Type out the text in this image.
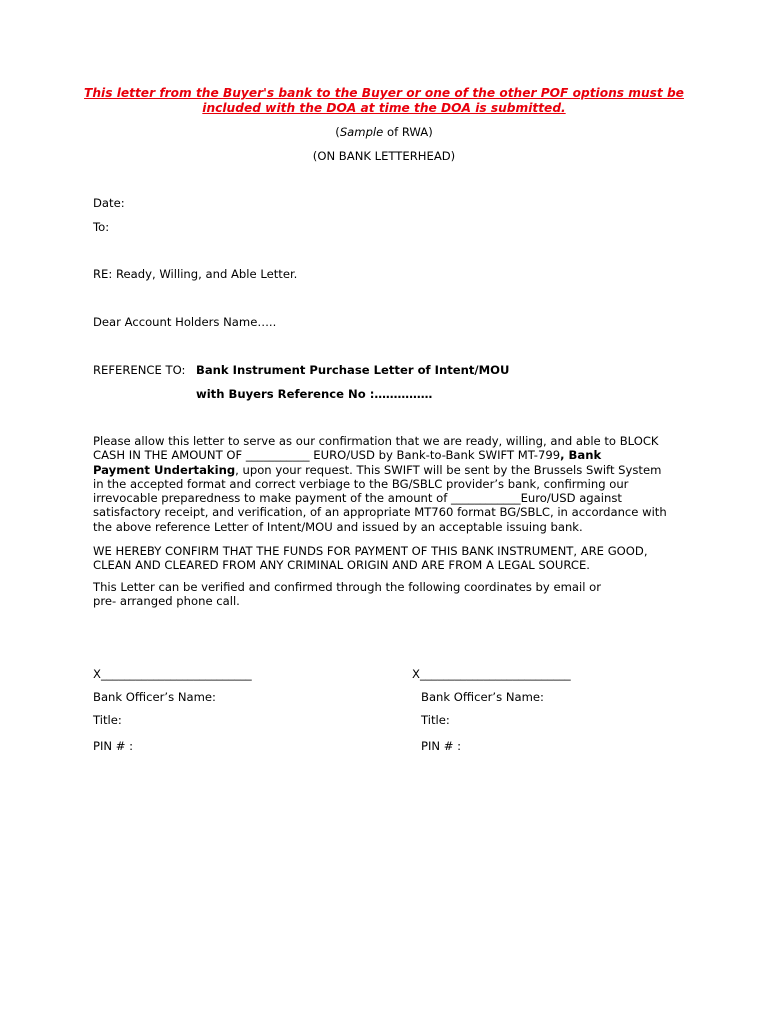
This letter from the Buyer's bank to the Buyer or one of the other POF options must be
included with the DOA at time the DOA is submitted.
(Sample of RWA)
(ON BANK LETTERHEAD)
Date:
To:
RE: Ready, Willing, and Able Letter.
Dear Account Holders Name…..
REFERENCE TO: Bank Instrument Purchase Letter of Intent/MOU
with Buyers Reference No :……………
Please allow this letter to serve as our confirmation that we are ready, willing, and able to BLOCK
CASH IN THE AMOUNT OF ___________ EURO/USD by Bank-to-Bank SWIFT MT-799, Bank
Payment Undertaking, upon your request. This SWIFT will be sent by the Brussels Swift System
in the accepted format and correct verbiage to the BG/SBLC provider’s bank, confirming our
irrevocable preparedness to make payment of the amount of ____________Euro/USD against
satisfactory receipt, and verification, of an appropriate MT760 format BG/SBLC, in accordance with
the above reference Letter of Intent/MOU and issued by an acceptable issuing bank.
WE HEREBY CONFIRM THAT THE FUNDS FOR PAYMENT OF THIS BANK INSTRUMENT, ARE GOOD,
CLEAN AND CLEARED FROM ANY CRIMINAL ORIGIN AND ARE FROM A LEGAL SOURCE.
This Letter can be verified and confirmed through the following coordinates by email or
pre- arranged phone call.
X__________________________
Bank Officer’s Name:
Title:
PIN # :
X__________________________
Bank Officer’s Name:
Title:
PIN # :
